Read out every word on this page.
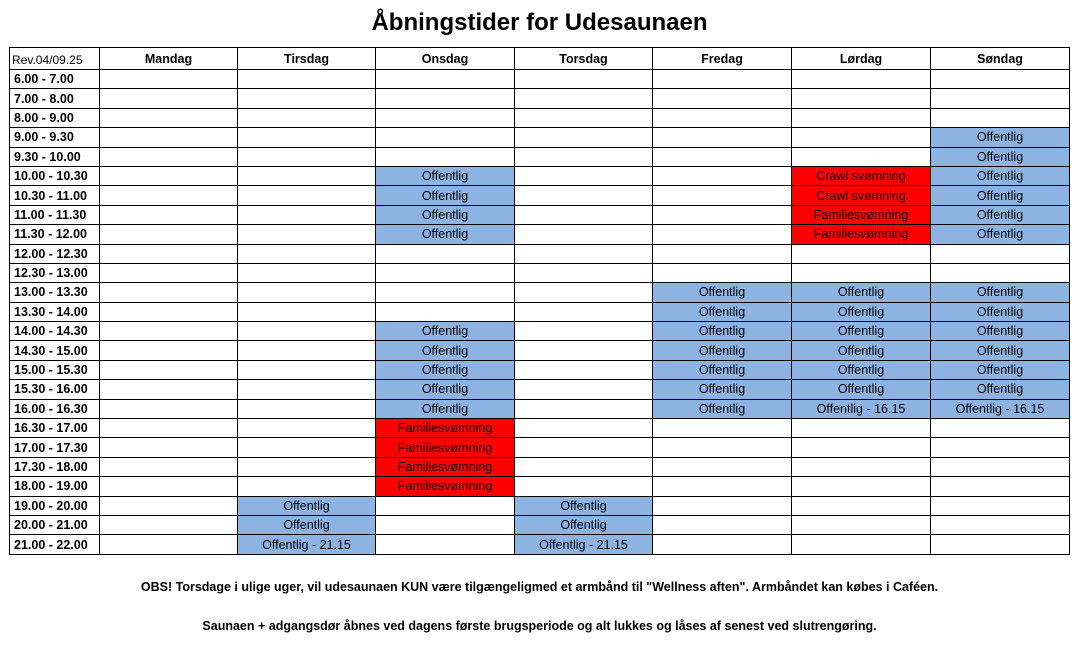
Åbningstider for Udesaunaen
Rev.04/09.25	Mandag	Tirsdag	Onsdag	Torsdag	Fredag	Lørdag	Søndag
6.00 - 7.00							
7.00 - 8.00							
8.00 - 9.00							
9.00 - 9.30							Offentlig
9.30 - 10.00							Offentlig
10.00 - 10.30			Offentlig			Crawl svømning	Offentlig
10.30 - 11.00			Offentlig			Crawl svømning	Offentlig
11.00 - 11.30			Offentlig			Familiesvømning	Offentlig
11.30 - 12.00			Offentlig			Familiesvømning	Offentlig
12.00 - 12.30							
12.30 - 13.00							
13.00 - 13.30					Offentlig	Offentlig	Offentlig
13.30 - 14.00					Offentlig	Offentlig	Offentlig
14.00 - 14.30			Offentlig		Offentlig	Offentlig	Offentlig
14.30 - 15.00			Offentlig		Offentlig	Offentlig	Offentlig
15.00 - 15.30			Offentlig		Offentlig	Offentlig	Offentlig
15.30 - 16.00			Offentlig		Offentlig	Offentlig	Offentlig
16.00 - 16.30			Offentlig		Offentlig	Offentlig - 16.15	Offentlig - 16.15
16.30 - 17.00			Familiesvømning				
17.00 - 17.30			Familiesvømning				
17.30 - 18.00			Familiesvømning				
18.00 - 19.00			Familiesvømning				
19.00 - 20.00		Offentlig		Offentlig			
20.00 - 21.00		Offentlig		Offentlig			
21.00 - 22.00		Offentlig - 21.15		Offentlig - 21.15			
OBS! Torsdage i ulige uger, vil udesaunaen KUN være tilgængeligmed et armbånd til "Wellness aften". Armbåndet kan købes i Caféen.
Saunaen + adgangsdør åbnes ved dagens første brugsperiode og alt lukkes og låses af senest ved slutrengøring.
